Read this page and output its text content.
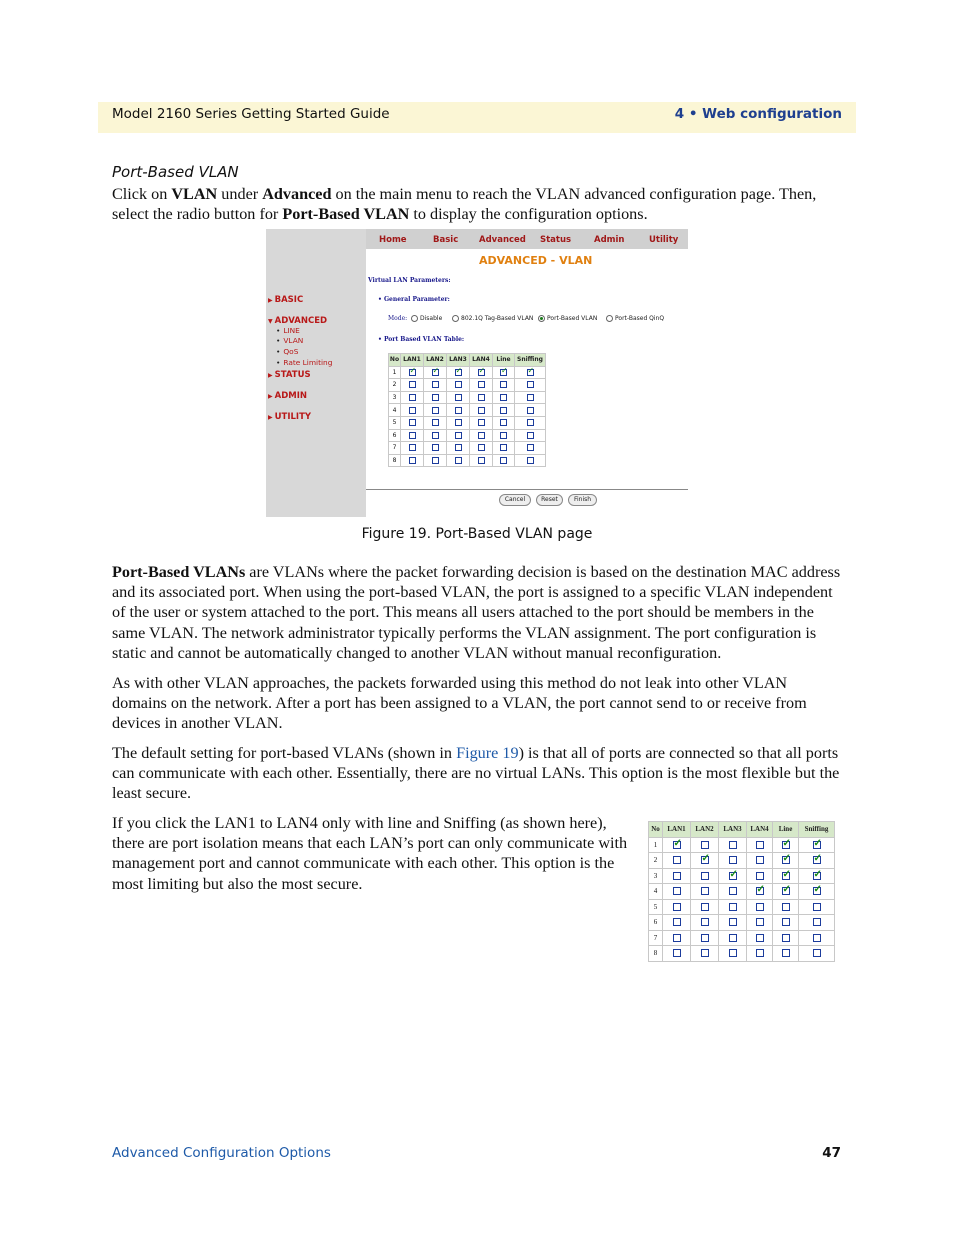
Model 2160 Series Getting Started Guide	4 • Web configuration
Port-Based VLAN

Click on VLAN under Advanced on the main menu to reach the VLAN advanced configuration page. Then, select the radio button for Port-Based VLAN to display the configuration options.

▶ BASIC
▼ ADVANCED
• LINE
• VLAN
• QoS
• Rate Limiting
▶ STATUS
▶ ADMIN
▶ UTILITY
Home	Basic Advanced Status	Admin	Utility
ADVANCED - VLAN
Virtual LAN Parameters:
• General Parameter:
Mode:	Disable	802.1Q Tag-Based VLAN	Port-Based VLAN	Port-Based QinQ
• Port Based VLAN Table:
No	LAN1	LAN2	LAN3	LAN4	Line	Sniffing
1	✓	✓	✓	✓	✓	✓
2						
3						
4						
5						
6						
7						
8						
Cancel	Reset	Finish
Figure 19. Port-Based VLAN page

Port-Based VLANs are VLANs where the packet forwarding decision is based on the destination MAC address and its associated port. When using the port-based VLAN, the port is assigned to a specific VLAN independent of the user or system attached to the port. This means all users attached to the port should be members in the same VLAN. The network administrator typically performs the VLAN assignment. The port configuration is static and cannot be automatically changed to another VLAN without manual reconfiguration.

As with other VLAN approaches, the packets forwarded using this method do not leak into other VLAN domains on the network. After a port has been assigned to a VLAN, the port cannot send to or receive from devices in another VLAN.

The default setting for port-based VLANs (shown in Figure 19) is that all of ports are connected so that all ports can communicate with each other. Essentially, there are no virtual LANs. This option is the most flexible but the least secure.

If you click the LAN1 to LAN4 only with line and Sniffing (as shown here), there are port isolation means that each LAN’s port can only communicate with management port and cannot communicate with each other. This option is the most limiting but also the most secure.

No	LAN1	LAN2	LAN3	LAN4	Line	Sniffing
1	✓				✓	✓
2		✓			✓	✓
3			✓		✓	✓
4				✓	✓	✓
5						
6						
7						
8						
Advanced Configuration Options	47
